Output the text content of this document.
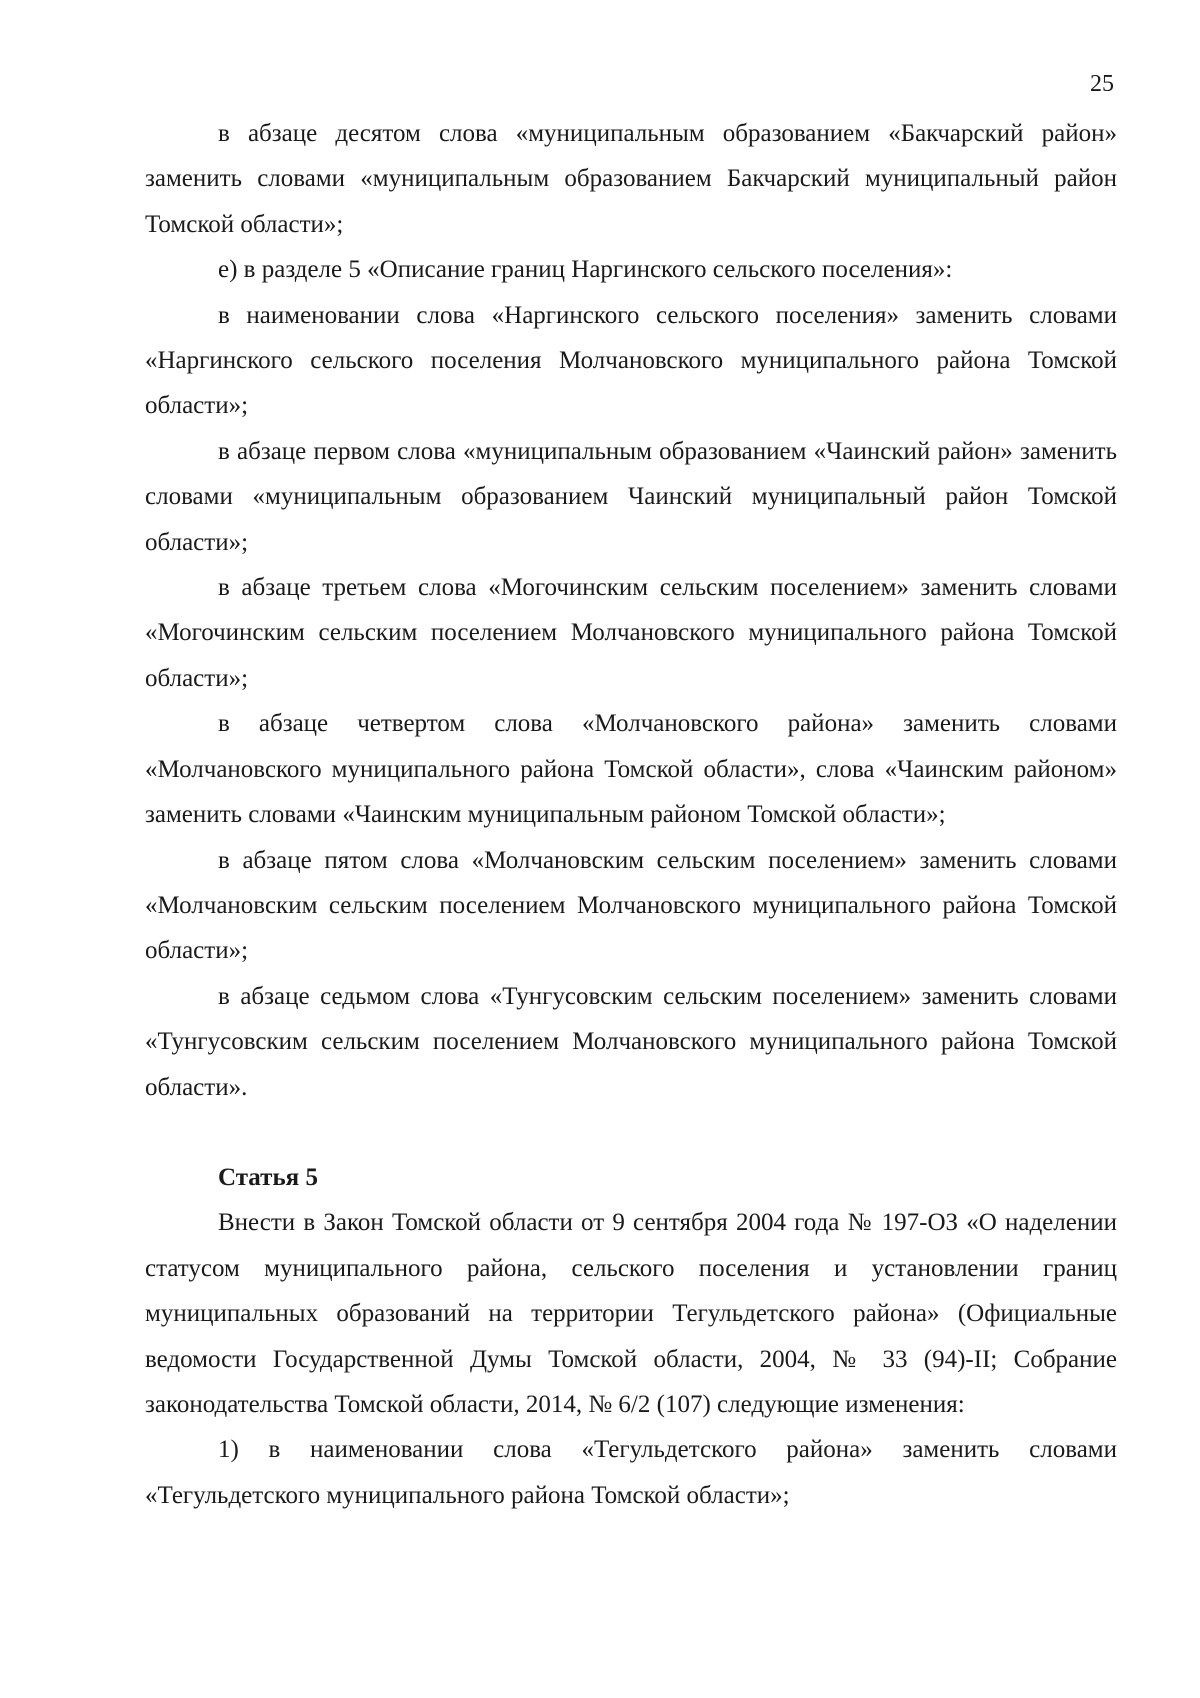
25

в абзаце десятом слова «муниципальным образованием «Бакчарский район» заменить словами «муниципальным образованием Бакчарский муниципальный район Томской области»;

е) в разделе 5 «Описание границ Наргинского сельского поселения»:

в наименовании слова «Наргинского сельского поселения» заменить словами «Наргинского сельского поселения Молчановского муниципального района Томской области»;

в абзаце первом слова «муниципальным образованием «Чаинский район» заменить словами «муниципальным образованием Чаинский муниципальный район Томской области»;

в абзаце третьем слова «Могочинским сельским поселением» заменить словами «Могочинским сельским поселением Молчановского муниципального района Томской области»;

в абзаце четвертом слова «Молчановского района» заменить словами «Молчановского муниципального района Томской области», слова «Чаинским районом» заменить словами «Чаинским муниципальным районом Томской области»;

в абзаце пятом слова «Молчановским сельским поселением» заменить словами «Молчановским сельским поселением Молчановского муниципального района Томской области»;

в абзаце седьмом слова «Тунгусовским сельским поселением» заменить словами «Тунгусовским сельским поселением Молчановского муниципального района Томской области».

Статья 5

Внести в Закон Томской области от 9 сентября 2004 года № 197-ОЗ «О наделении статусом муниципального района, сельского поселения и установлении границ муниципальных образований на территории Тегульдетского района» (Официальные ведомости Государственной Думы Томской области, 2004, № 33 (94)-II; Собрание законодательства Томской области, 2014, № 6/2 (107) следующие изменения:

1) в наименовании слова «Тегульдетского района» заменить словами «Тегульдетского муниципального района Томской области»;
